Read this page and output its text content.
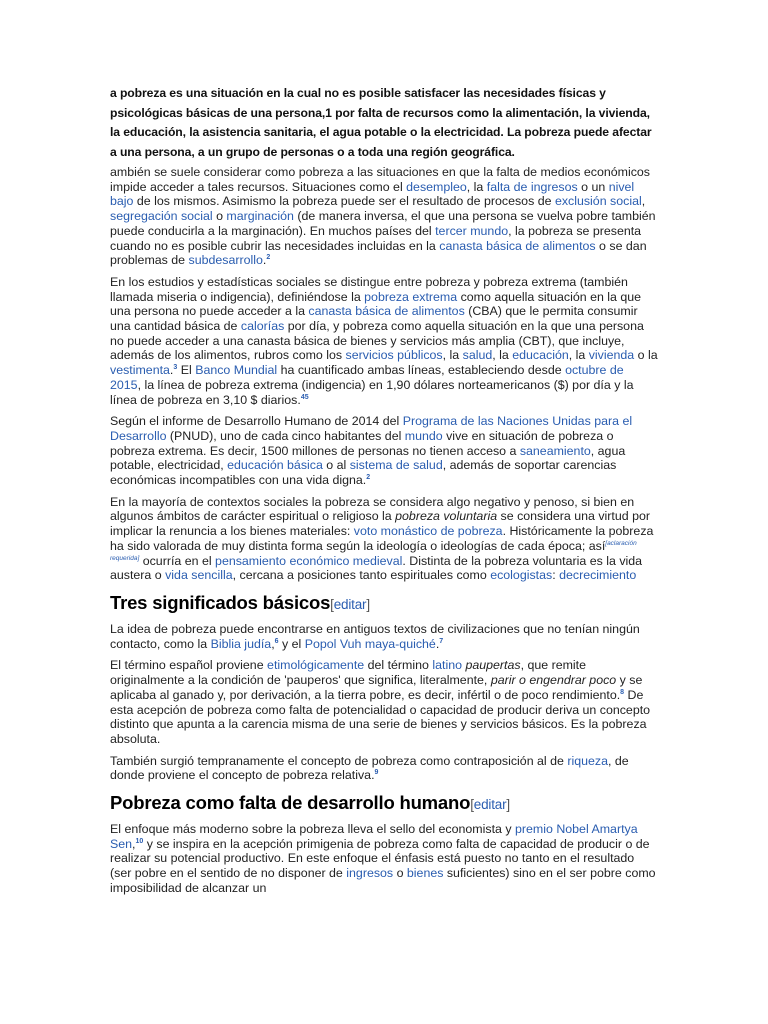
a pobreza es una situación en la cual no es posible satisfacer las necesidades físicas y psicológicas básicas de una persona,1 por falta de recursos como la alimentación, la vivienda, la educación, la asistencia sanitaria, el agua potable o la electricidad. La pobreza puede afectar a una persona, a un grupo de personas o a toda una región geográfica.

ambién se suele considerar como pobreza a las situaciones en que la falta de medios económicos impide acceder a tales recursos. Situaciones como el desempleo, la falta de ingresos o un nivel bajo de los mismos. Asimismo la pobreza puede ser el resultado de procesos de exclusión social, segregación social o marginación (de manera inversa, el que una persona se vuelva pobre también puede conducirla a la marginación). En muchos países del tercer mundo, la pobreza se presenta cuando no es posible cubrir las necesidades incluidas en la canasta básica de alimentos o se dan problemas de subdesarrollo.$^2$

En los estudios y estadísticas sociales se distingue entre pobreza y pobreza extrema (también llamada miseria o indigencia), definiéndose la pobreza extrema como aquella situación en la que una persona no puede acceder a la canasta básica de alimentos (CBA) que le permita consumir una cantidad básica de calorías por día, y pobreza como aquella situación en la que una persona no puede acceder a una canasta básica de bienes y servicios más amplia (CBT), que incluye, además de los alimentos, rubros como los servicios públicos, la salud, la educación, la vivienda o la vestimenta.$^3$ El Banco Mundial ha cuantificado ambas líneas, estableciendo desde octubre de 2015, la línea de pobreza extrema (indigencia) en 1,90 dólares norteamericanos ($) por día y la línea de pobreza en 3,10 $ diarios.$^{45}$

Según el informe de Desarrollo Humano de 2014 del Programa de las Naciones Unidas para el Desarrollo (PNUD), uno de cada cinco habitantes del mundo vive en situación de pobreza o pobreza extrema. Es decir, 1500 millones de personas no tienen acceso a saneamiento, agua potable, electricidad, educación básica o al sistema de salud, además de soportar carencias económicas incompatibles con una vida digna.$^2$

En la mayoría de contextos sociales la pobreza se considera algo negativo y penoso, si bien en algunos ámbitos de carácter espiritual o religioso la pobreza voluntaria se considera una virtud por implicar la renuncia a los bienes materiales: voto monástico de pobreza. Históricamente la pobreza ha sido valorada de muy distinta forma según la ideología o ideologías de cada época; así[aclaración requerida] ocurría en el pensamiento económico medieval. Distinta de la pobreza voluntaria es la vida austera o vida sencilla, cercana a posiciones tanto espirituales como ecologistas: decrecimiento

Tres significados básicos[editar]

La idea de pobreza puede encontrarse en antiguos textos de civilizaciones que no tenían ningún contacto, como la Biblia judía,$^6$ y el Popol Vuh maya-quiché.$^7$

El término español proviene etimológicamente del término latino paupertas, que remite originalmente a la condición de 'pauperos' que significa, literalmente, parir o engendrar poco y se aplicaba al ganado y, por derivación, a la tierra pobre, es decir, infértil o de poco rendimiento.$^8$ De esta acepción de pobreza como falta de potencialidad o capacidad de producir deriva un concepto distinto que apunta a la carencia misma de una serie de bienes y servicios básicos. Es la pobreza absoluta.

También surgió tempranamente el concepto de pobreza como contraposición al de riqueza, de donde proviene el concepto de pobreza relativa.$^9$

Pobreza como falta de desarrollo humano[editar]

El enfoque más moderno sobre la pobreza lleva el sello del economista y premio Nobel Amartya Sen,$^{10}$ y se inspira en la acepción primigenia de pobreza como falta de capacidad de producir o de realizar su potencial productivo. En este enfoque el énfasis está puesto no tanto en el resultado (ser pobre en el sentido de no disponer de ingresos o bienes suficientes) sino en el ser pobre como imposibilidad de alcanzar un
